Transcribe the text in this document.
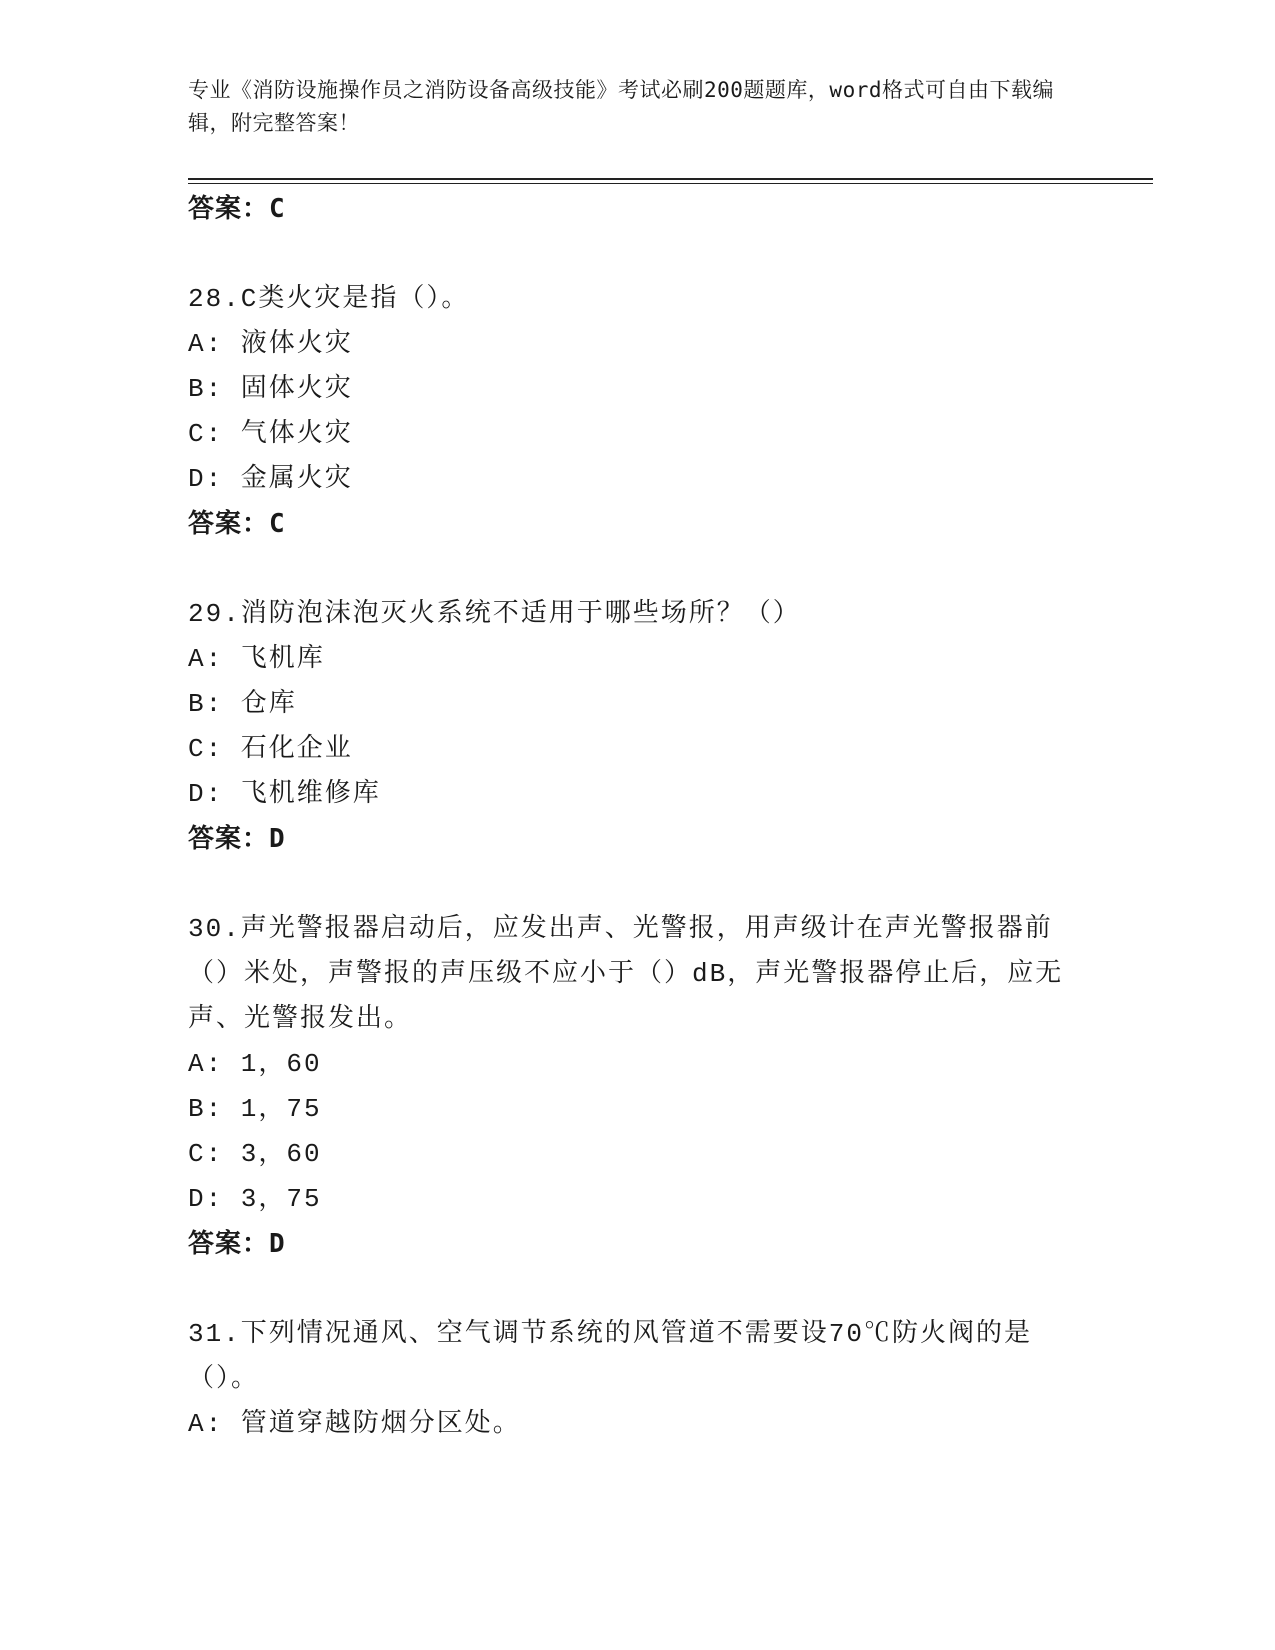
专业《消防设施操作员之消防设备高级技能》考试必刷200题题库，word格式可自由下载编辑，附完整答案！

答案：C

28.C类火灾是指（）。

A: 液体火灾

B: 固体火灾

C: 气体火灾

D: 金属火灾

答案：C

29.消防泡沫泡灭火系统不适用于哪些场所？（）

A: 飞机库

B: 仓库

C: 石化企业

D: 飞机维修库

答案：D

30.声光警报器启动后，应发出声、光警报，用声级计在声光警报器前（）米处，声警报的声压级不应小于（）dB，声光警报器停止后，应无声、光警报发出。

A: 1，60

B: 1，75

C: 3，60

D: 3，75

答案：D

31.下列情况通风、空气调节系统的风管道不需要设70℃防火阀的是（）。

A: 管道穿越防烟分区处。
